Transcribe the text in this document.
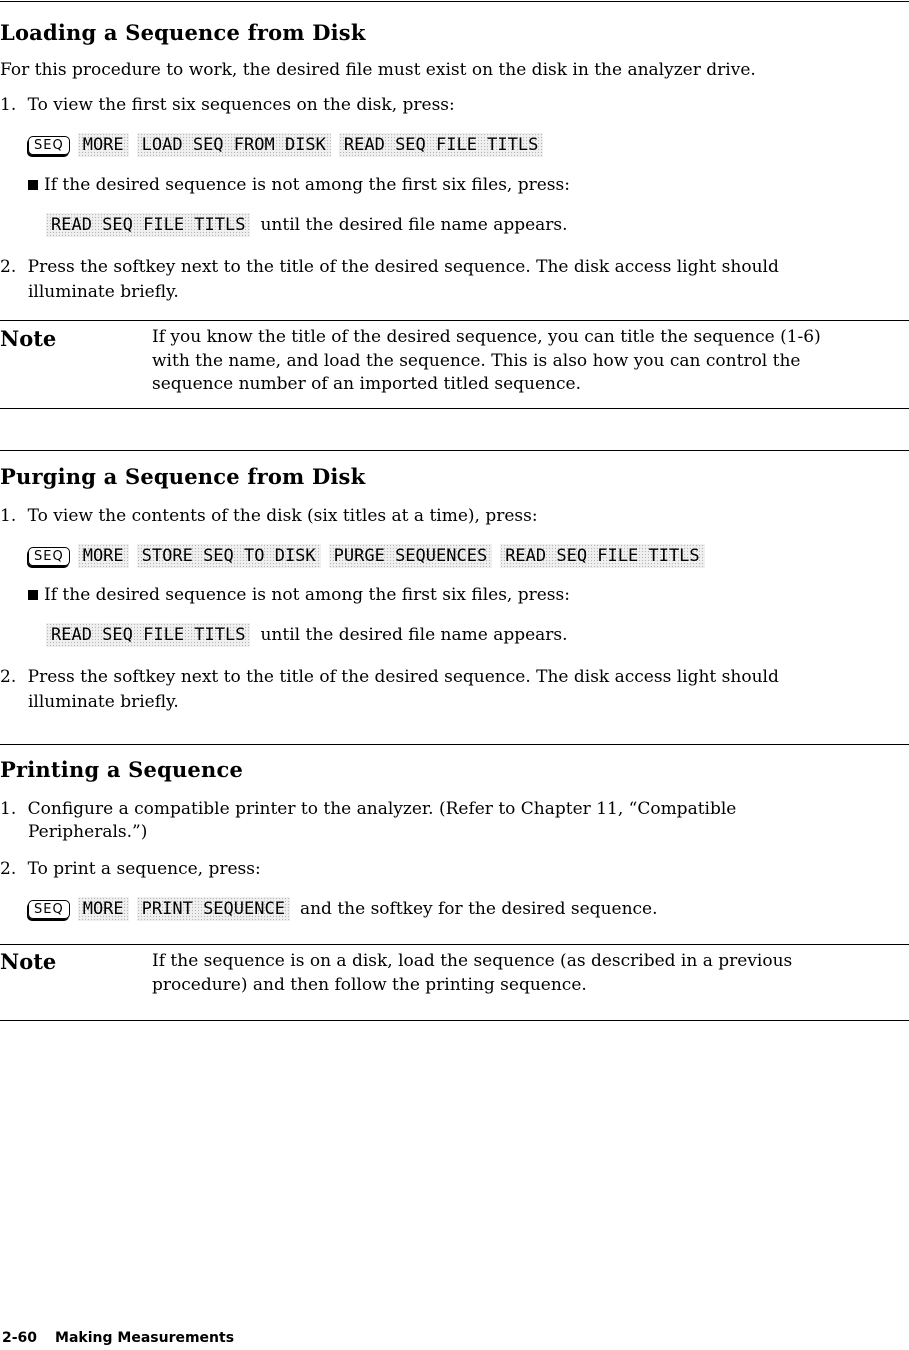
Loading a Sequence from Disk
For this procedure to work, the desired file must exist on the disk in the analyzer drive.
1. To view the first six sequences on the disk, press:
SEQ	MORE LOAD SEQ FROM DISK READ SEQ FILE TITLS
If the desired sequence is not among the first six files, press:
READ SEQ FILE TITLS until the desired file name appears.
2. Press the softkey next to the title of the desired sequence. The disk access light should
illuminate briefly.
Note	If you know the title of the desired sequence, you can title the sequence (1-6)
with the name, and load the sequence. This is also how you can control the
sequence number of an imported titled sequence.
Purging a Sequence from Disk
1. To view the contents of the disk (six titles at a time), press:
SEQ	MORE STORE SEQ TO DISK PURGE SEQUENCES READ SEQ FILE TITLS
If the desired sequence is not among the first six files, press:
READ SEQ FILE TITLS until the desired file name appears.
2. Press the softkey next to the title of the desired sequence. The disk access light should
illuminate briefly.
Printing a Sequence
1. Configure a compatible printer to the analyzer. (Refer to Chapter 11, “Compatible
Peripherals.”)
2. To print a sequence, press:
SEQ	MORE PRINT SEQUENCE and the softkey for the desired sequence.
Note	If the sequence is on a disk, load the sequence (as described in a previous
procedure) and then follow the printing sequence.
2-60 Making Measurements
